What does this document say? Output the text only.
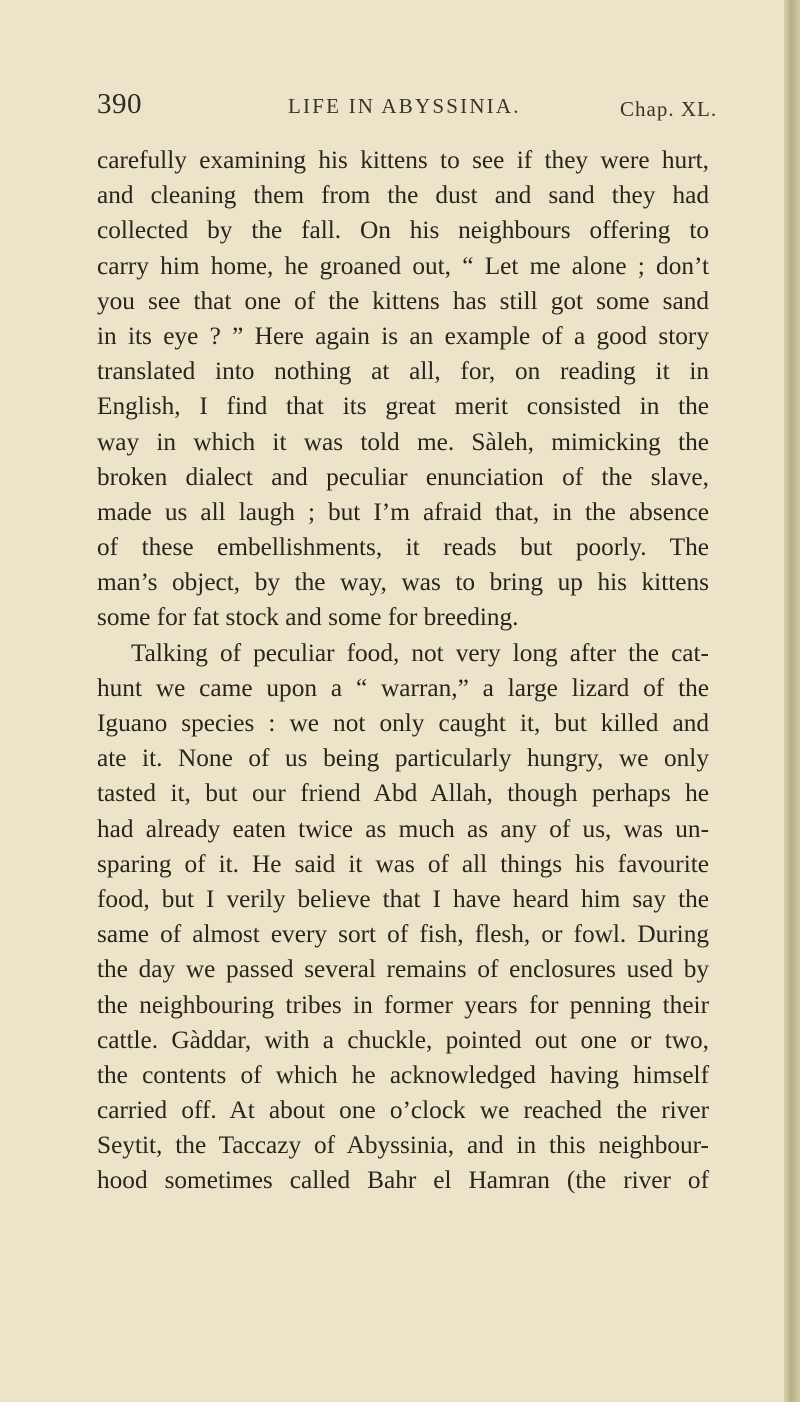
390	LIFE IN ABYSSINIA.	Chap. XL.
carefully examining his kittens to see if they were hurt,
and cleaning them from the dust and sand they had
collected by the fall. On his neighbours offering to
carry him home, he groaned out, “ Let me alone ; don’t
you see that one of the kittens has still got some sand
in its eye ? ” Here again is an example of a good story
translated into nothing at all, for, on reading it in
English, I find that its great merit consisted in the
way in which it was told me. Sàleh, mimicking the
broken dialect and peculiar enunciation of the slave,
made us all laugh ; but I’m afraid that, in the absence
of these embellishments, it reads but poorly. The
man’s object, by the way, was to bring up his kittens
some for fat stock and some for breeding.
Talking of peculiar food, not very long after the cat-
hunt we came upon a “ warran,” a large lizard of the
Iguano species : we not only caught it, but killed and
ate it. None of us being particularly hungry, we only
tasted it, but our friend Abd Allah, though perhaps he
had already eaten twice as much as any of us, was un-
sparing of it. He said it was of all things his favourite
food, but I verily believe that I have heard him say the
same of almost every sort of fish, flesh, or fowl. During
the day we passed several remains of enclosures used by
the neighbouring tribes in former years for penning their
cattle. Gàddar, with a chuckle, pointed out one or two,
the contents of which he acknowledged having himself
carried off. At about one o’clock we reached the river
Seytit, the Taccazy of Abyssinia, and in this neighbour-
hood sometimes called Bahr el Hamran (the river of
